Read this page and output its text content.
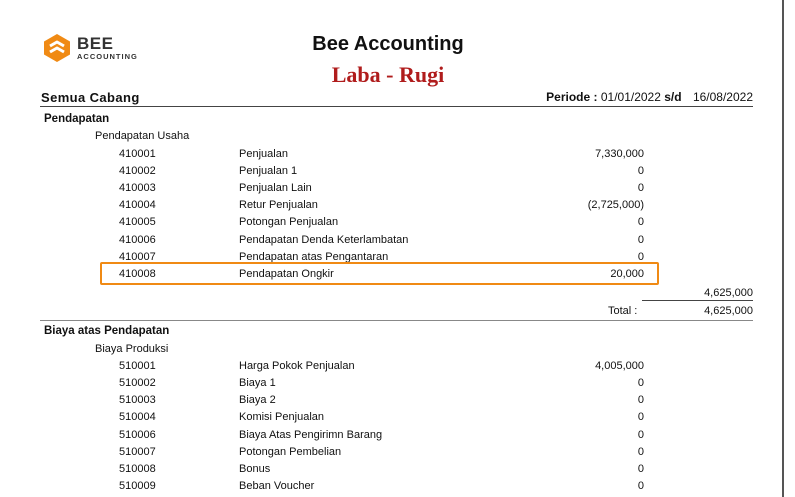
BEE
ACCOUNTING
Bee Accounting
Laba - Rugi
Semua Cabang	Periode : 01/01/2022 s/d 16/08/2022
Pendapatan
Pendapatan Usaha
410001	Penjualan	7,330,000
410002	Penjualan 1	0
410003	Penjualan Lain	0
410004	Retur Penjualan	(2,725,000)
410005	Potongan Penjualan	0
410006	Pendapatan Denda Keterlambatan	0
410007	Pendapatan atas Pengantaran	0
410008	Pendapatan Ongkir	20,000
4,625,000
Total :	4,625,000
Biaya atas Pendapatan
Biaya Produksi
510001	Harga Pokok Penjualan	4,005,000
510002	Biaya 1	0
510003	Biaya 2	0
510004	Komisi Penjualan	0
510006	Biaya Atas Pengirimn Barang	0
510007	Potongan Pembelian	0
510008	Bonus	0
510009	Beban Voucher	0
